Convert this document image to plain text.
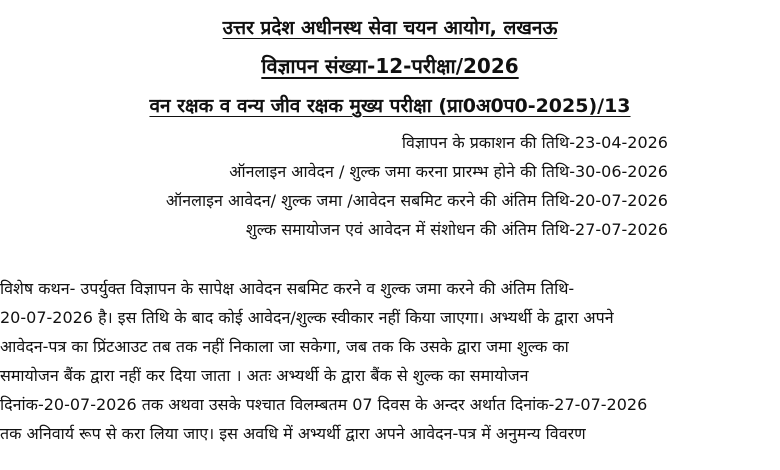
उत्तर प्रदेश अधीनस्थ सेवा चयन आयोग, लखनऊ
विज्ञापन संख्या-12-परीक्षा/2026
वन रक्षक व वन्य जीव रक्षक मुख्य परीक्षा (प्रा0अ0प0-2025)/13
विज्ञापन के प्रकाशन की तिथि-23-04-2026
ऑनलाइन आवेदन / शुल्क जमा करना प्रारम्भ होने की तिथि-30-06-2026
ऑनलाइन आवेदन/ शुल्क जमा /आवेदन सबमिट करने की अंतिम तिथि-20-07-2026
शुल्क समायोजन एवं आवेदन में संशोधन की अंतिम तिथि-27-07-2026

विशेष कथन- उपर्युक्त विज्ञापन के सापेक्ष आवेदन सबमिट करने व शुल्क जमा करने की अंतिम तिथि-

20-07-2026 है। इस तिथि के बाद कोई आवेदन/शुल्क स्वीकार नहीं किया जाएगा। अभ्यर्थी के द्वारा अपने

आवेदन-पत्र का प्रिंटआउट तब तक नहीं निकाला जा सकेगा, जब तक कि उसके द्वारा जमा शुल्क का

समायोजन बैंक द्वारा नहीं कर दिया जाता । अतः अभ्यर्थी के द्वारा बैंक से शुल्क का समायोजन

दिनांक-20-07-2026 तक अथवा उसके पश्चात विलम्बतम 07 दिवस के अन्दर अर्थात दिनांक-27-07-2026

तक अनिवार्य रूप से करा लिया जाए। इस अवधि में अभ्यर्थी द्वारा अपने आवेदन-पत्र में अनुमन्य विवरण
